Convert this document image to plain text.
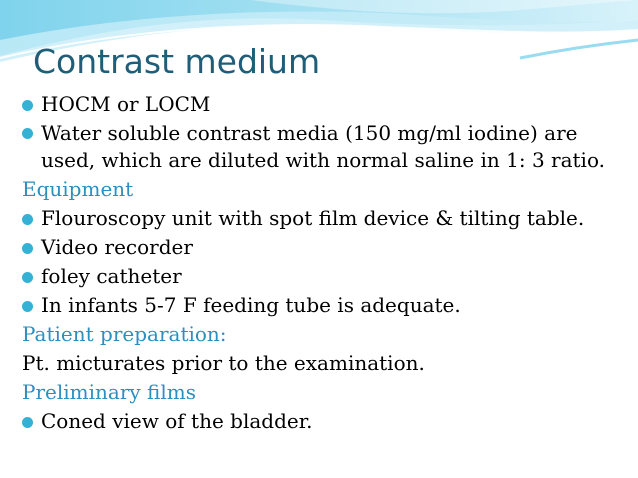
Contrast medium
HOCM or LOCM
Water soluble contrast media (150 mg/ml iodine) are used, which are diluted with normal saline in 1: 3 ratio.
Equipment
Flouroscopy unit with spot film device & tilting table.
Video recorder
foley catheter
In infants 5-7 F feeding tube is adequate.
Patient preparation:
Pt. micturates prior to the examination.
Preliminary films
Coned view of the bladder.
